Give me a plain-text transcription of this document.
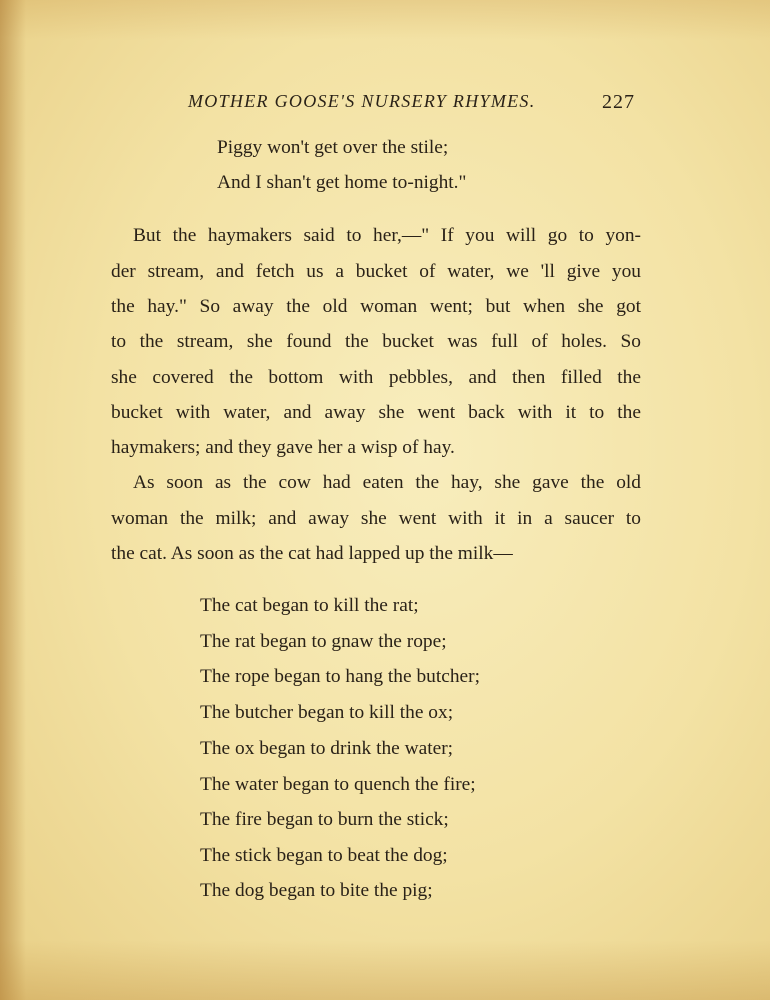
MOTHER GOOSE'S NURSERY RHYMES.	227
Piggy won't get over the stile;
And I shan't get home to-night."
But the haymakers said to her,—" If you will go to yon-
der stream, and fetch us a bucket of water, we 'll give you
the hay." So away the old woman went; but when she got
to the stream, she found the bucket was full of holes. So
she covered the bottom with pebbles, and then filled the
bucket with water, and away she went back with it to the
haymakers; and they gave her a wisp of hay.
As soon as the cow had eaten the hay, she gave the old
woman the milk; and away she went with it in a saucer to
the cat. As soon as the cat had lapped up the milk—
The cat began to kill the rat;
The rat began to gnaw the rope;
The rope began to hang the butcher;
The butcher began to kill the ox;
The ox began to drink the water;
The water began to quench the fire;
The fire began to burn the stick;
The stick began to beat the dog;
The dog began to bite the pig;
